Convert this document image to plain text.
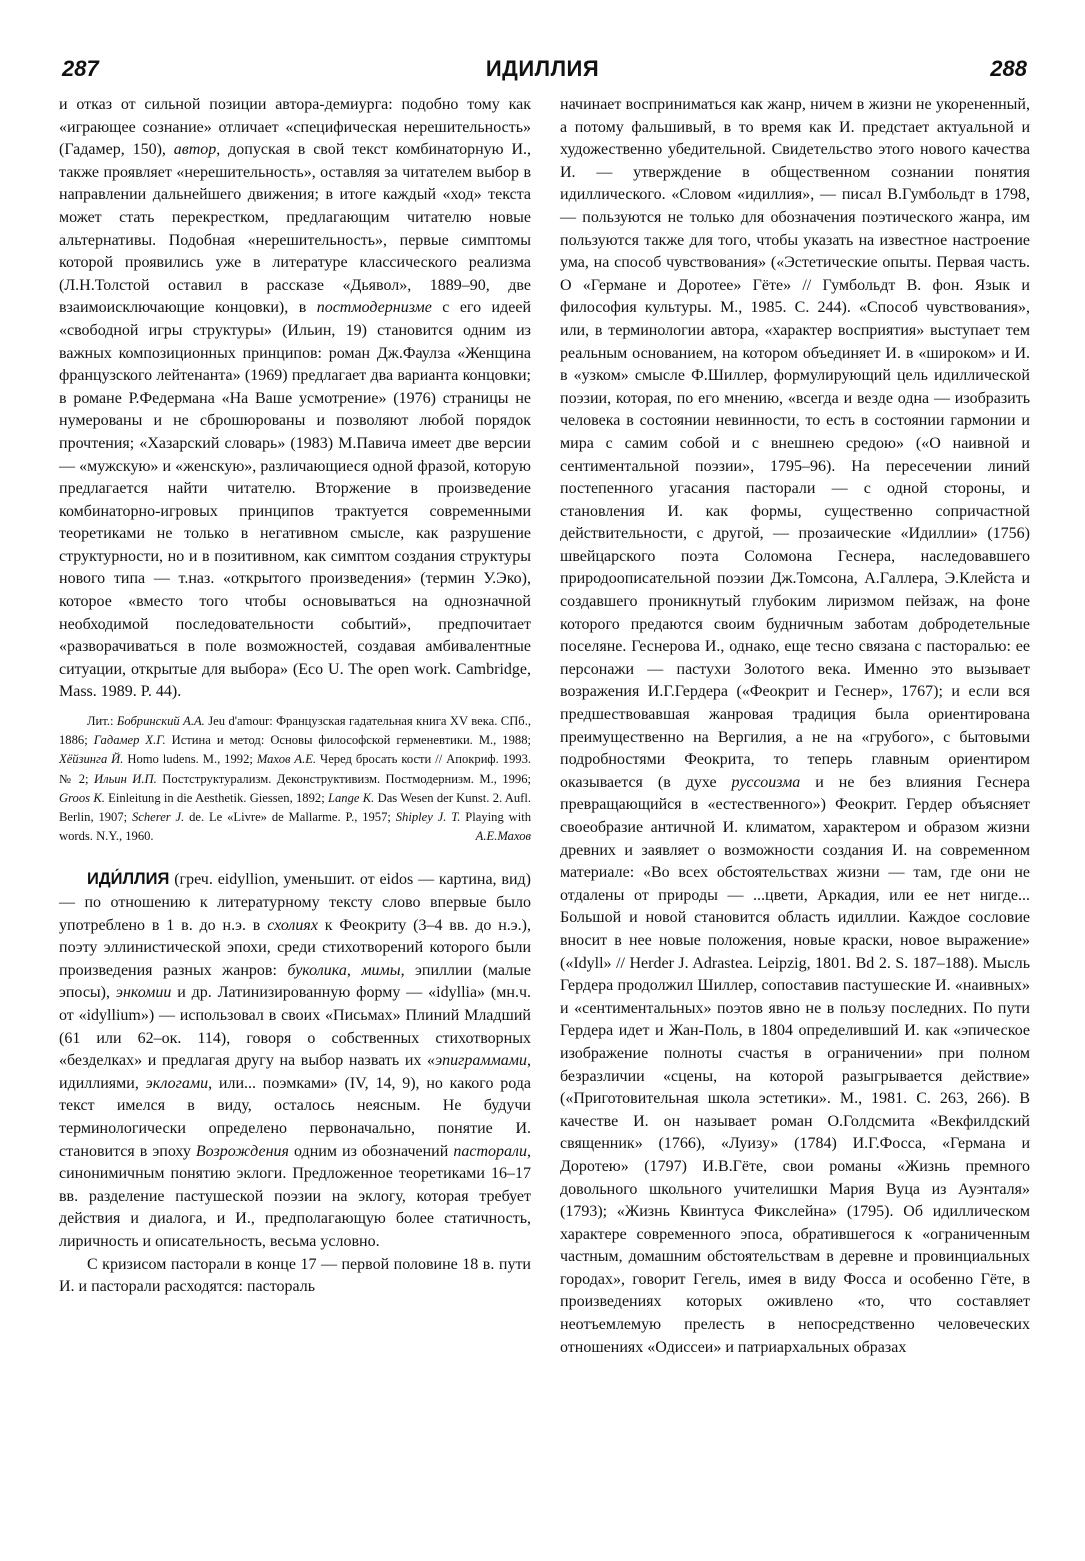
287	ИДИЛЛИЯ	288

и отказ от сильной позиции автора-демиурга: подобно тому как «играющее сознание» отличает «специфическая нерешительность» (Гадамер, 150), автор, допуская в свой текст комбинаторную И., также проявляет «нерешительность», оставляя за читателем выбор в направлении дальнейшего движения; в итоге каждый «ход» текста может стать перекрестком, предлагающим читателю новые альтернативы. Подобная «нерешительность», первые симптомы которой проявились уже в литературе классического реализма (Л.Н.Толстой оставил в рассказе «Дьявол», 1889–90, две взаимоисключающие концовки), в постмодернизме с его идеей «свободной игры структуры» (Ильин, 19) становится одним из важных композиционных принципов: роман Дж.Фаулза «Женщина французского лейтенанта» (1969) предлагает два варианта концовки; в романе Р.Федермана «На Ваше усмотрение» (1976) страницы не нумерованы и не сброшюрованы и позволяют любой порядок прочтения; «Хазарский словарь» (1983) М.Павича имеет две версии — «мужскую» и «женскую», различающиеся одной фразой, которую предлагается найти читателю. Вторжение в произведение комбинаторно-игровых принципов трактуется современными теоретиками не только в негативном смысле, как разрушение структурности, но и в позитивном, как симптом создания структуры нового типа — т.наз. «открытого произведения» (термин У.Эко), которое «вместо того чтобы основываться на однозначной необходимой последовательности событий», предпочитает «разворачиваться в поле возможностей, создавая амбивалентные ситуации, открытые для выбора» (Eco U. The open work. Cambridge, Mass. 1989. P. 44).

Лит.: Бобринский А.А. Jeu d'amour: Французская гадательная книга XV века. СПб., 1886; Гадамер Х.Г. Истина и метод: Основы философской герменевтики. М., 1988; Хёйзинга Й. Homo ludens. М., 1992; Махов А.Е. Черед бросать кости // Апокриф. 1993. № 2; Ильин И.П. Постструктурализм. Деконструктивизм. Постмодернизм. М., 1996; Groos K. Einleitung in die Aesthetik. Giessen, 1892; Lange K. Das Wesen der Kunst. 2. Aufl. Berlin, 1907; Scherer J. de. Le «Livre» de Mallarme. P., 1957; Shipley J. T. Playing with words. N.Y., 1960.	А.Е.Махов

ИДИ́ЛЛИЯ (греч. eidyllion, уменьшит. от eidos — картина, вид) — по отношению к литературному тексту слово впервые было употреблено в 1 в. до н.э. в схолиях к Феокриту (3–4 вв. до н.э.), поэту эллинистической эпохи, среди стихотворений которого были произведения разных жанров: буколика, мимы, эпиллии (малые эпосы), энкомии и др. Латинизированную форму — «idyllia» (мн.ч. от «idyllium») — использовал в своих «Письмах» Плиний Младший (61 или 62–ок. 114), говоря о собственных стихотворных «безделках» и предлагая другу на выбор назвать их «эпиграммами, идиллиями, эклогами, или... поэмками» (IV, 14, 9), но какого рода текст имелся в виду, осталось неясным. Не будучи терминологически определено первоначально, понятие И. становится в эпоху Возрождения одним из обозначений пасторали, синонимичным понятию эклоги. Предложенное теоретиками 16–17 вв. разделение пастушеской поэзии на эклогу, которая требует действия и диалога, и И., предполагающую более статичность, лиричность и описательность, весьма условно.

С кризисом пасторали в конце 17 — первой половине 18 в. пути И. и пасторали расходятся: пастораль

начинает восприниматься как жанр, ничем в жизни не укорененный, а потому фальшивый, в то время как И. предстает актуальной и художественно убедительной. Свидетельство этого нового качества И. — утверждение в общественном сознании понятия идиллического. «Словом «идиллия», — писал В.Гумбольдт в 1798, — пользуются не только для обозначения поэтического жанра, им пользуются также для того, чтобы указать на известное настроение ума, на способ чувствования» («Эстетические опыты. Первая часть. О «Германе и Доротее» Гёте» // Гумбольдт В. фон. Язык и философия культуры. М., 1985. С. 244). «Способ чувствования», или, в терминологии автора, «характер восприятия» выступает тем реальным основанием, на котором объединяет И. в «широком» и И. в «узком» смысле Ф.Шиллер, формулирующий цель идиллической поэзии, которая, по его мнению, «всегда и везде одна — изобразить человека в состоянии невинности, то есть в состоянии гармонии и мира с самим собой и с внешнею средою» («О наивной и сентиментальной поэзии», 1795–96). На пересечении линий постепенного угасания пасторали — с одной стороны, и становления И. как формы, существенно сопричастной действительности, с другой, — прозаические «Идиллии» (1756) швейцарского поэта Соломона Геснера, наследовавшего природоописательной поэзии Дж.Томсона, А.Галлера, Э.Клейста и создавшего проникнутый глубоким лиризмом пейзаж, на фоне которого предаются своим будничным заботам добродетельные поселяне. Геснерова И., однако, еще тесно связана с пасторалью: ее персонажи — пастухи Золотого века. Именно это вызывает возражения И.Г.Гердера («Феокрит и Геснер», 1767); и если вся предшествовавшая жанровая традиция была ориентирована преимущественно на Вергилия, а не на «грубого», с бытовыми подробностями Феокрита, то теперь главным ориентиром оказывается (в духе руссоизма и не без влияния Геснера превращающийся в «естественного») Феокрит. Гердер объясняет своеобразие античной И. климатом, характером и образом жизни древних и заявляет о возможности создания И. на современном материале: «Во всех обстоятельствах жизни — там, где они не отдалены от природы — ...цвети, Аркадия, или ее нет нигде... Большой и новой становится область идиллии. Каждое сословие вносит в нее новые положения, новые краски, новое выражение» («Idyll» // Herder J. Adrastea. Leipzig, 1801. Bd 2. S. 187–188). Мысль Гердера продолжил Шиллер, сопоставив пастушеские И. «наивных» и «сентиментальных» поэтов явно не в пользу последних. По пути Гердера идет и Жан-Поль, в 1804 определивший И. как «эпическое изображение полноты счастья в ограничении» при полном безразличии «сцены, на которой разыгрывается действие» («Приготовительная школа эстетики». М., 1981. С. 263, 266). В качестве И. он называет роман О.Голдсмита «Векфилдский священник» (1766), «Луизу» (1784) И.Г.Фосса, «Германа и Доротею» (1797) И.В.Гёте, свои романы «Жизнь премного довольного школьного учителишки Мария Вуца из Ауэнталя» (1793); «Жизнь Квинтуса Фикслейна» (1795). Об идиллическом характере современного эпоса, обратившегося к «ограниченным частным, домашним обстоятельствам в деревне и провинциальных городах», говорит Гегель, имея в виду Фосса и особенно Гёте, в произведениях которых оживлено «то, что составляет неотъемлемую прелесть в непосредственно человеческих отношениях «Одиссеи» и патриархальных образах
